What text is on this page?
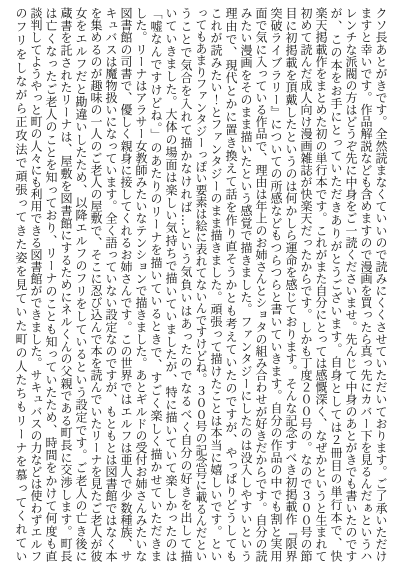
クソ長あとがきです。全然読まなくていいので読みにくくさせていただいております。ご了承いただけ
ますと幸いです。作品解説なども含めますので漫画を買ったら真っ先にカバー下を見るんだぁというハ
レンチな派閥の方はどうぞ先に中身をご一読くださいませ。先んじて中身のあとがきでも書いたのです
が、この本をお手にとっていただきありがとうございます。自身としては２冊目の単行本で、快
楽天掲載作をまとめた初の単行本です。これがまた自分にとっては感慨深く、なぜかというと生まれて
初めて読んだ成人向け漫画雑誌が快楽天だったからです。しかも丁度２００号の。なので３００号の節
目に初掲載を頂戴したというのは何かしら運命を感じております。そんな記念すべき初掲載作『限界
突破ライブラリー』についての所感などもつらつらと書いていきます。自分の作品の中でも割と実用
面で気に入っている作品で、理由は年上のお姉さんとショタの組み合わせが好きだからです。自分の読
みたい漫画をそのまま描いたという感覚で描きました。ファンタジーにしたのは没入しやすいという
理由で、現代とかに置き換えて話を作り直そうかとも考えていたのですが、やっぱりどうしても
これが読みたい！とファンタジーのまま描きました。頑張って描けたことは本当に嬉しいです。とい
ってもあまりファンタジーっぽい要素は絵に表れてないんですけどね。３００号の記念号に載るんだとい
うことで気合を入れて描かなければ…という気負いはあったのでなるべく自分の好きを出して描
いていきました。大体の場面は楽しい気持ちで描いていましたが、特に描いていて楽しかったのは
「嘘なんですけどね。」のあたりのリーナを描いているときで、すごく楽しく描かせていただきま
した。リーナはアラサー女教師みたいなテンションで描きました。あとギルドの受付お姉さんみたいな
図書館の司書で、優しく親身に接してくれるお姉さんです。この世界ではエルフは亜人で少数種族、サ
キュバスは魔物扱いになっています。全く語っていない設定なのですが、もともとは図書館ではなく本
を集めるのが趣味の一人のご老人の屋敷で、そこに忍び込んで本を読んでいたリーナを見たご老人が彼
女をエルフだと勘違いしたため、以降エルフのフリをしているという設定です。ご老人の亡き後に
蔵書を託されたリーナは、屋敷を図書館にするためにネルくんの父親である町長に交渉します。町長
は亡くなったご老人のことを知っており、リーナのことも知っていたため、時間をかけて何度も直
談判してようやっと町の人々にも利用できる図書館ができました。サキュバスの力などは使わずエルフ
のフリをしながら正攻法で頑張ってきた姿を見ていた町の人たちもリーナを慕ってくれてい
